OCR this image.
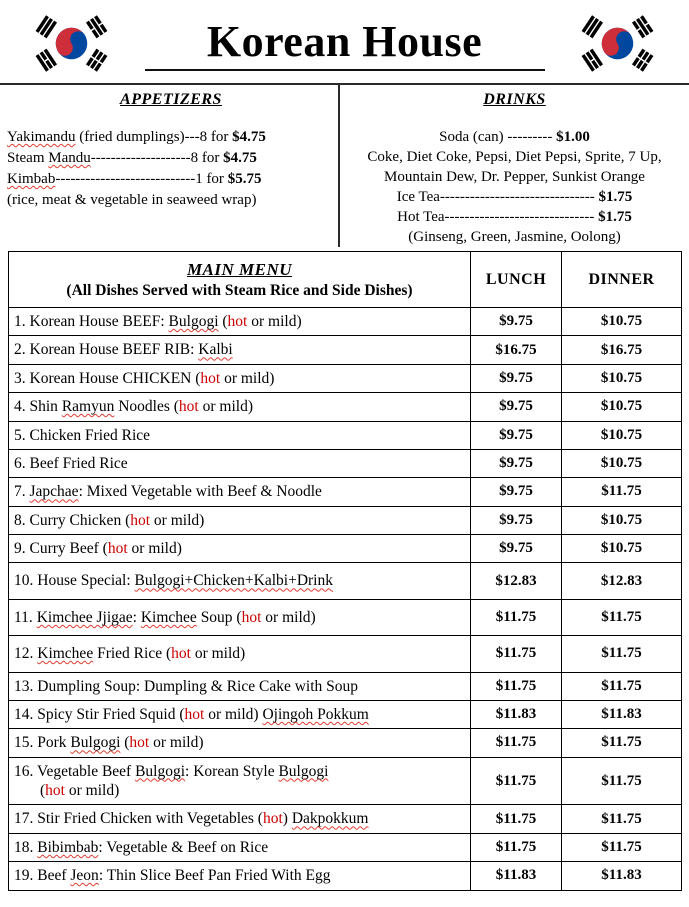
Korean House
APPETIZERS
Yakimandu (fried dumplings)---8 for $4.75
Steam Mandu--------------------8 for $4.75
Kimbab----------------------------1 for $5.75
(rice, meat & vegetable in seaweed wrap)
DRINKS
Soda (can) --------- $1.00
Coke, Diet Coke, Pepsi, Diet Pepsi, Sprite, 7 Up,
Mountain Dew, Dr. Pepper, Sunkist Orange
Ice Tea------------------------------- $1.75
Hot Tea------------------------------ $1.75
(Ginseng, Green, Jasmine, Oolong)
MAIN MENU
(All Dishes Served with Steam Rice and Side Dishes)	LUNCH	DINNER
1. Korean House BEEF: Bulgogi (hot or mild)	$9.75	$10.75
2. Korean House BEEF RIB: Kalbi	$16.75	$16.75
3. Korean House CHICKEN (hot or mild)	$9.75	$10.75
4. Shin Ramyun Noodles (hot or mild)	$9.75	$10.75
5. Chicken Fried Rice	$9.75	$10.75
6. Beef Fried Rice	$9.75	$10.75
7. Japchae: Mixed Vegetable with Beef & Noodle	$9.75	$11.75
8. Curry Chicken (hot or mild)	$9.75	$10.75
9. Curry Beef (hot or mild)	$9.75	$10.75
10. House Special: Bulgogi+Chicken+Kalbi+Drink	$12.83	$12.83
11. Kimchee Jjigae: Kimchee Soup (hot or mild)	$11.75	$11.75
12. Kimchee Fried Rice (hot or mild)	$11.75	$11.75
13. Dumpling Soup: Dumpling & Rice Cake with Soup	$11.75	$11.75
14. Spicy Stir Fried Squid (hot or mild) Ojingoh Pokkum	$11.83	$11.83
15. Pork Bulgogi (hot or mild)	$11.75	$11.75
16. Vegetable Beef Bulgogi: Korean Style Bulgogi
(hot or mild)	$11.75	$11.75
17. Stir Fried Chicken with Vegetables (hot) Dakpokkum	$11.75	$11.75
18. Bibimbab: Vegetable & Beef on Rice	$11.75	$11.75
19. Beef Jeon: Thin Slice Beef Pan Fried With Egg	$11.83	$11.83
